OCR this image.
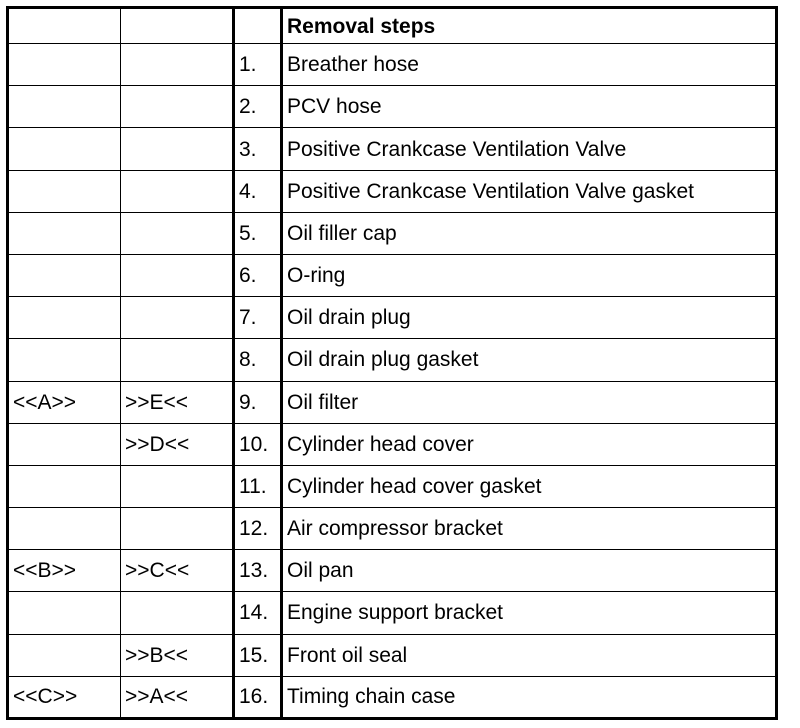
			Removal steps
		1.	Breather hose
		2.	PCV hose
		3.	Positive Crankcase Ventilation Valve
		4.	Positive Crankcase Ventilation Valve gasket
		5.	Oil filler cap
		6.	O-ring
		7.	Oil drain plug
		8.	Oil drain plug gasket
<<A>>	>>E<<	9.	Oil filter
	>>D<<	10.	Cylinder head cover
		11.	Cylinder head cover gasket
		12.	Air compressor bracket
<<B>>	>>C<<	13.	Oil pan
		14.	Engine support bracket
	>>B<<	15.	Front oil seal
<<C>>	>>A<<	16.	Timing chain case
